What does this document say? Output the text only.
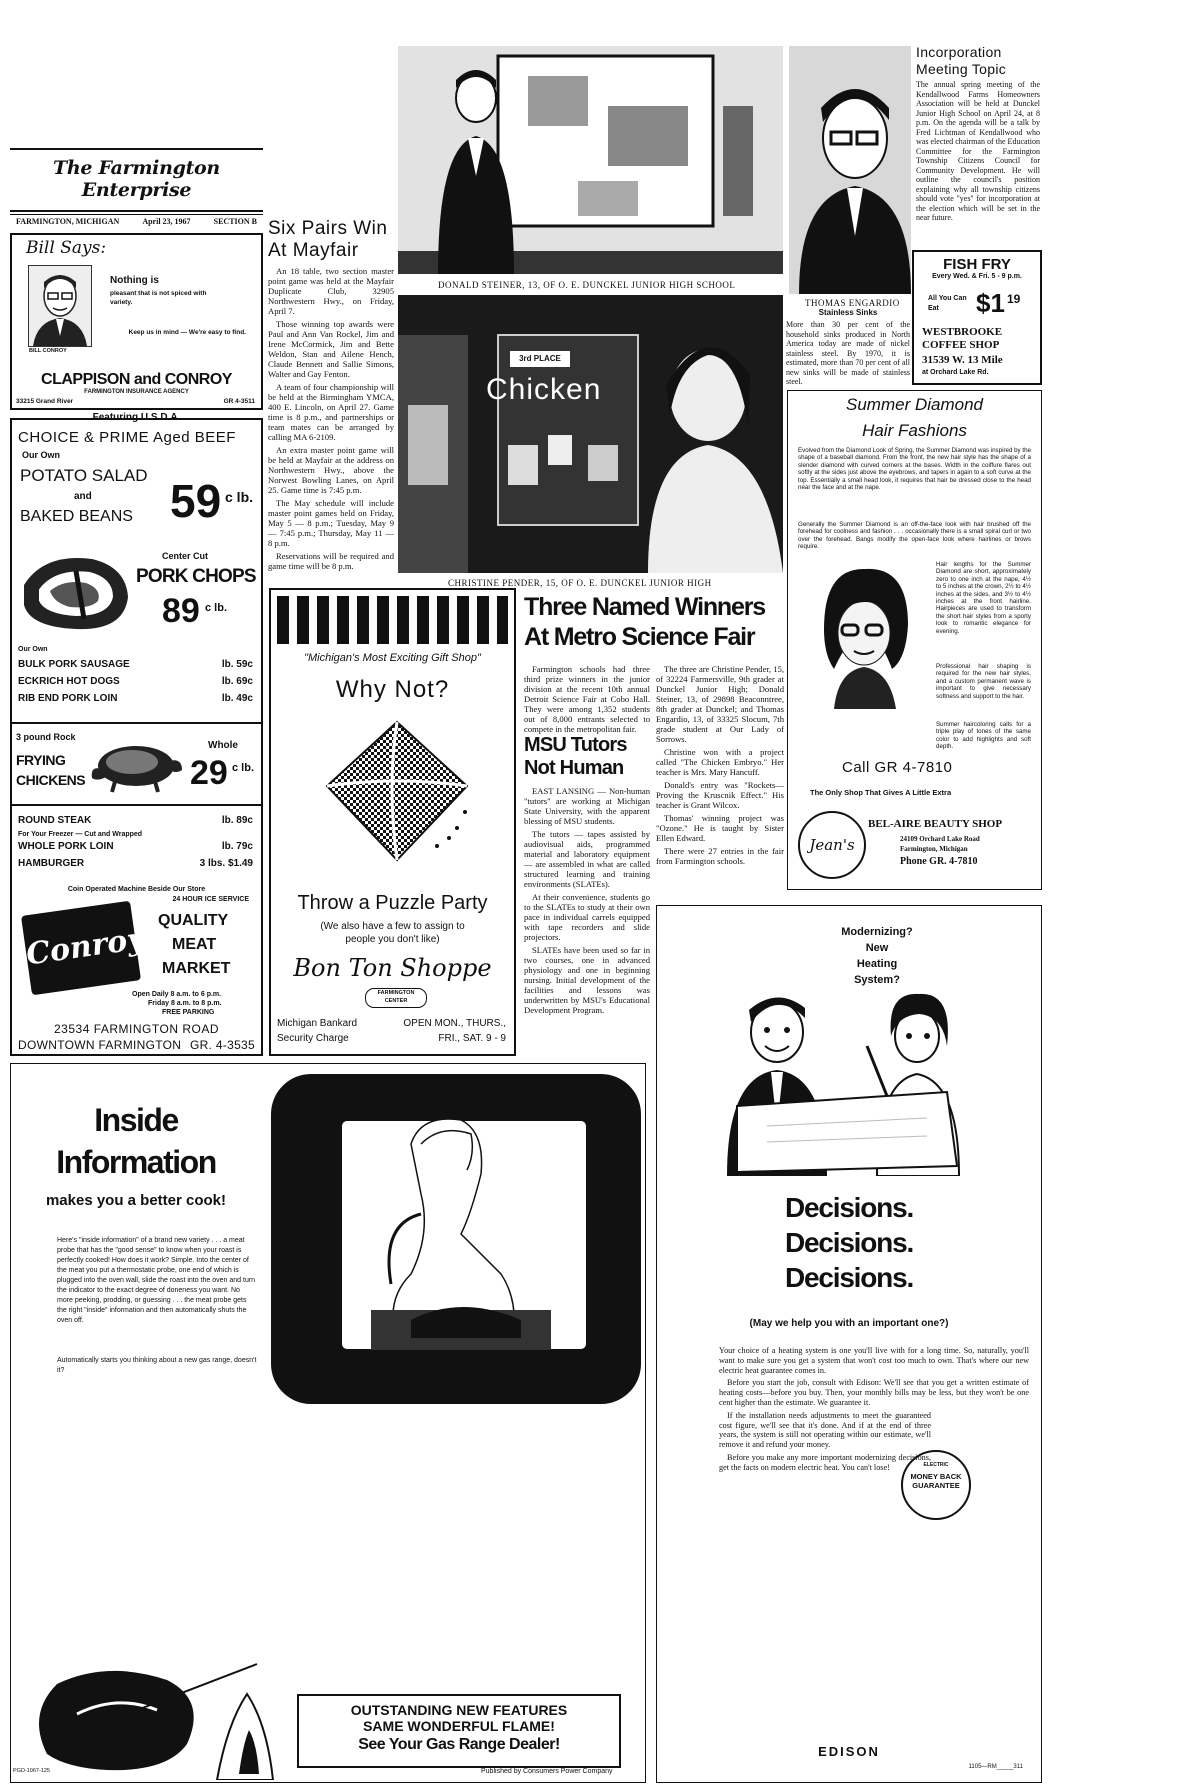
The Farmington Enterprise
FARMINGTON, MICHIGAN	April 23, 1967	SECTION B
Bill Says:
BILL CONROY
Nothing is
pleasant that is not spiced with variety.
Keep us in mind — We're easy to find.
CLAPPISON and CONROY
FARMINGTON INSURANCE AGENCY
33215 Grand River	GR 4-3511
Featuring U.S.D.A.
CHOICE & PRIME Aged BEEF
Our Own
POTATO SALAD
and
BAKED BEANS 59 c lb.
Center Cut
PORK CHOPS
89 c lb.
Our Own
BULK PORK SAUSAGE	lb. 59c
ECKRICH HOT DOGS	lb. 69c
RIB END PORK LOIN	lb. 49c
3 pound Rock
FRYING
CHICKENS
Whole
29 c lb.
ROUND STEAK	lb. 89c
For Your Freezer — Cut and Wrapped
WHOLE PORK LOIN	lb. 79c
HAMBURGER	3 lbs. $1.49
Coin Operated Machine Beside Our Store
24 HOUR ICE SERVICE
Conroy's
QUALITY
MEAT
MARKET
Open Daily 8 a.m. to 6 p.m.
Friday 8 a.m. to 8 p.m.
FREE PARKING
23534 FARMINGTON ROAD
DOWNTOWN FARMINGTON GR. 4-3535
Six Pairs Win At Mayfair

An 18 table, two section master point game was held at the Mayfair Duplicate Club, 32905 Northwestern Hwy., on Friday, April 7.

Those winning top awards were Paul and Ann Van Rockel, Jim and Irene McCormick, Jim and Bette Weldon, Stan and Ailene Hench, Claude Bennett and Sallie Simons, Walter and Gay Fenton.

A team of four championship will be held at the Birmingham YMCA, 400 E. Lincoln, on April 27. Game time is 8 p.m., and partnerships or team mates can be arranged by calling MA 6-2109.

An extra master point game will be held at Mayfair at the address on Northwestern Hwy., above the Norwest Bowling Lanes, on April 25. Game time is 7:45 p.m.

The May schedule will include master point games held on Friday, May 5 — 8 p.m.; Tuesday, May 9 — 7:45 p.m.; Thursday, May 11 — 8 p.m.

Reservations will be required and game time will be 8 p.m.

DONALD STEINER, 13, OF O. E. DUNCKEL JUNIOR HIGH SCHOOL
3rd PLACE
Chicken
CHRISTINE PENDER, 15, OF O. E. DUNCKEL JUNIOR HIGH
THOMAS ENGARDIO
Incorporation Meeting Topic
The annual spring meeting of the Kendallwood Farms Homeowners Association will be held at Dunckel Junior High School on April 24, at 8 p.m. On the agenda will be a talk by Fred Lichtman of Kendallwood who was elected chairman of the Education Committee for the Farmington Township Citizens Council for Community Development. He will outline the council's position explaining why all township citizens should vote "yes" for incorporation at the election which will be set in the near future.
Stainless Sinks
More than 30 per cent of the household sinks produced in North America today are made of nickel stainless steel. By 1970, it is estimated, more than 70 per cent of all new sinks will be made of stainless steel.
FISH FRY
Every Wed. & Fri. 5 - 9 p.m.
All You Can Eat	$1 19
WESTBROOKE COFFEE SHOP
31539 W. 13 Mile
at Orchard Lake Rd.
Summer Diamond
Hair Fashions
Evolved from the Diamond Look of Spring, the Summer Diamond was inspired by the shape of a baseball diamond. From the front, the new hair style has the shape of a slender diamond with curved corners at the bases. Width in the coiffure flares out softly at the sides just above the eyebrows, and tapers in again to a soft curve at the top. Essentially a small head look, it requires that hair be dressed close to the head near the face and at the nape.
Generally the Summer Diamond is an off-the-face look with hair brushed off the forehead for coolness and fashion . . . occasionally there is a small spiral curl or two over the forehead. Bangs modify the open-face look where hairlines or brows require.
Hair lengths for the Summer Diamond are short, approximately zero to one inch at the nape, 4½ to 5 inches at the crown, 2½ to 4½ inches at the sides, and 3½ to 4½ inches at the front hairline. Hairpieces are used to transform the short hair styles from a sporty look to romantic elegance for evening.
Professional hair shaping is required for the new hair styles, and a custom permanent wave is important to give necessary softness and support to the hair.
Summer haircoloring calls for a triple play of tones of the same color to add highlights and soft depth.
Call GR 4-7810
The Only Shop That Gives A Little Extra
Jean's
BEL-AIRE BEAUTY SHOP
24109 Orchard Lake Road
Farmington, Michigan
Phone GR. 4-7810
"Michigan's Most Exciting Gift Shop"
Why Not?
Throw a Puzzle Party
(We also have a few to assign to people you don't like)
Bon Ton Shoppe
FARMINGTON CENTER
Michigan Bankard
Security Charge
OPEN MON., THURS.,
FRI., SAT. 9 - 9
Three Named Winners
At Metro Science Fair

Farmington schools had three third prize winners in the junior division at the recent 10th annual Detroit Science Fair at Cobo Hall. They were among 1,352 students out of 8,000 entrants selected to compete in the metropolitan fair.

The three are Christine Pender, 15, of 32224 Farmersville, 9th grader at Dunckel Junior High; Donald Steiner, 13, of 29898 Beaconntree, 8th grader at Dunckel; and Thomas Engardio, 13, of 33325 Slocum, 7th grade student at Our Lady of Sorrows.

Christine won with a project called "The Chicken Embryo." Her teacher is Mrs. Mary Hancuff.

Donald's entry was "Rockets—Proving the Kruscnik Effect." His teacher is Grant Wilcox.

Thomas' winning project was "Ozone." He is taught by Sister Ellen Edward.

There were 27 entries in the fair from Farmington schools.

MSU Tutors
Not Human

EAST LANSING — Non-human "tutors" are working at Michigan State University, with the apparent blessing of MSU students.

The tutors — tapes assisted by audiovisual aids, programmed material and laboratory equipment — are assembled in what are called structured learning and training environments (SLATEs).

At their convenience, students go to the SLATEs to study at their own pace in individual carrels equipped with tape recorders and slide projectors.

SLATEs have been used so far in two courses, one in advanced physiology and one in beginning nursing. Initial development of the facilities and lessons was underwritten by MSU's Educational Development Program.

Inside
Information
makes you a better cook!
Here's "inside information" of a brand new variety . . . a meat probe that has the "good sense" to know when your roast is perfectly cooked! How does it work? Simple. Into the center of the meat you put a thermostatic probe, one end of which is plugged into the oven wall, slide the roast into the oven and turn the indicator to the exact degree of doneness you want. No more peeking, prodding, or guessing . . . the meat probe gets the right "inside" information and then automatically shuts the oven off.
Automatically starts you thinking about a new gas range, doesn't it?
OUTSTANDING NEW FEATURES
SAME WONDERFUL FLAME!
See Your Gas Range Dealer!
PGD-1067-125	Published by Consumers Power Company
Modernizing?
New
Heating
System?
Decisions.
Decisions.
Decisions.
(May we help you with an important one?)

Your choice of a heating system is one you'll live with for a long time. So, naturally, you'll want to make sure you get a system that won't cost too much to own. That's where our new electric heat guarantee comes in.

Before you start the job, consult with Edison: We'll see that you get a written estimate of heating costs—before you buy. Then, your monthly bills may be less, but they won't be one cent higher than the estimate. We guarantee it.

If the installation needs adjustments to meet the guaranteed cost figure, we'll see that it's done. And if at the end of three years, the system is still not operating within our estimate, we'll remove it and refund your money.

Before you make any more important modernizing decisions, get the facts on modern electric heat. You can't lose!	ELECTRIC
MONEY BACK
GUARANTEE
EDISON
1105—RM_____311
